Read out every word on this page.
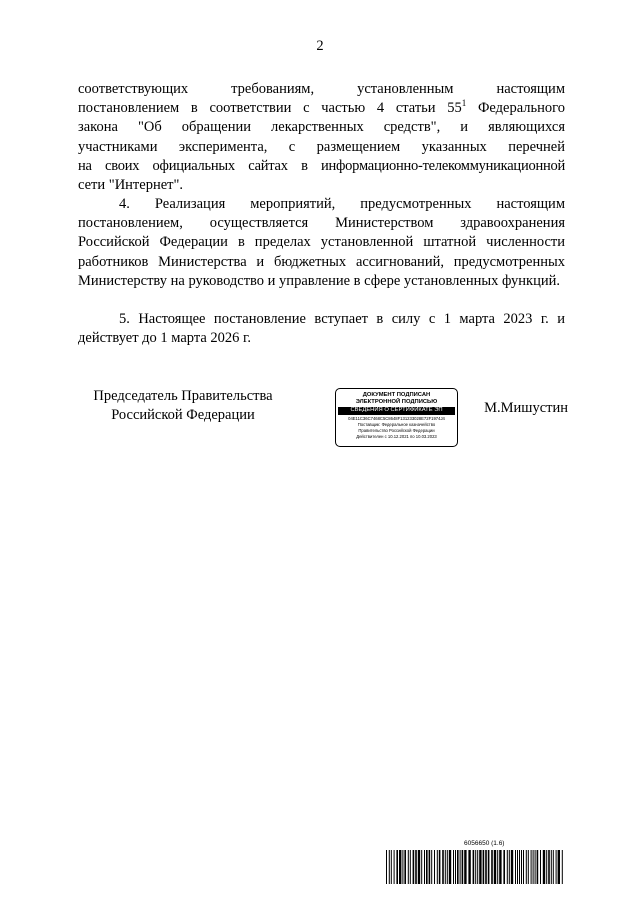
2
соответствующих требованиям, установленным настоящим
постановлением в соответствии с частью 4 статьи $55^1$ Федерального
закона "Об обращении лекарственных средств", и являющихся
участниками эксперимента, с размещением указанных перечней
на своих официальных сайтах в информационно-телекоммуникационной
сети "Интернет".

4. Реализация мероприятий, предусмотренных настоящим постановлением, осуществляется Министерством здравоохранения Российской Федерации в пределах установленной штатной численности работников Министерства и бюджетных ассигнований, предусмотренных Министерству на руководство и управление в сфере установленных функций.

5. Настоящее постановление вступает в силу с 1 марта 2023 г. и действует до 1 марта 2026 г.

Председатель Правительства
Российской Федерации
ДОКУМЕНТ ПОДПИСАН
ЭЛЕКТРОННОЙ ПОДПИСЬЮ
СВЕДЕНИЯ О СЕРТИФИКАТЕ ЭП
04E11C36C7468C5C8648F131233028E72F1974J4
Поставщик: Федеральное казначейство
Правительство Российской Федерации
Действителен с 10.12.2021 по 10.03.2023
М.Мишустин
6056650 (1.6)
